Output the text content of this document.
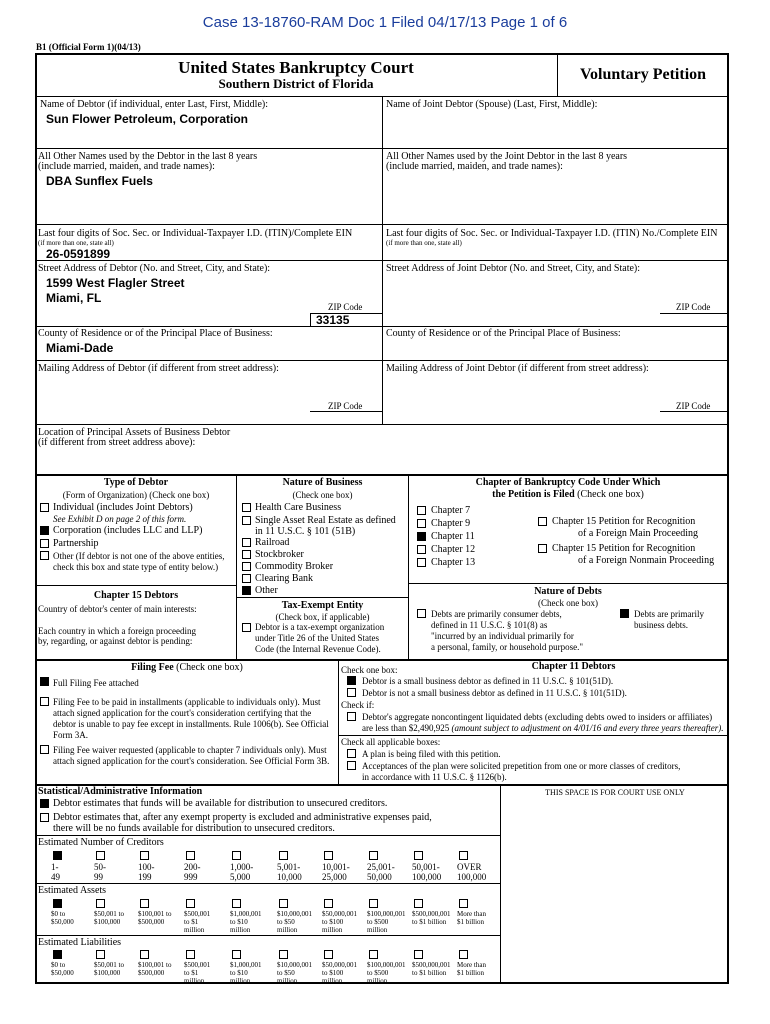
Case 13-18760-RAM Doc 1 Filed 04/17/13 Page 1 of 6
B1 (Official Form 1)(04/13)
United States Bankruptcy Court
Southern District of Florida
Voluntary Petition
Name of Debtor (if individual, enter Last, First, Middle):
Sun Flower Petroleum, Corporation
Name of Joint Debtor (Spouse) (Last, First, Middle):
All Other Names used by the Debtor in the last 8 years
(include married, maiden, and trade names):
DBA Sunflex Fuels
All Other Names used by the Joint Debtor in the last 8 years
(include married, maiden, and trade names):
Last four digits of Soc. Sec. or Individual-Taxpayer I.D. (ITIN)/Complete EIN
(if more than one, state all)
26-0591899
Last four digits of Soc. Sec. or Individual-Taxpayer I.D. (ITIN) No./Complete EIN
(if more than one, state all)
Street Address of Debtor (No. and Street, City, and State):
1599 West Flagler Street
Miami, FL
ZIP Code
33135
Street Address of Joint Debtor (No. and Street, City, and State):
ZIP Code
County of Residence or of the Principal Place of Business:
Miami-Dade
County of Residence or of the Principal Place of Business:
Mailing Address of Debtor (if different from street address):
ZIP Code
Mailing Address of Joint Debtor (if different from street address):
ZIP Code
Location of Principal Assets of Business Debtor
(if different from street address above):
Type of Debtor
(Form of Organization) (Check one box)
Individual (includes Joint Debtors)
See Exhibit D on page 2 of this form.
Corporation (includes LLC and LLP)
Partnership
Other (If debtor is not one of the above entities,
check this box and state type of entity below.)
Chapter 15 Debtors
Country of debtor's center of main interests:
Each country in which a foreign proceeding
by, regarding, or against debtor is pending:
Nature of Business
(Check one box)
Health Care Business
Single Asset Real Estate as defined
in 11 U.S.C. § 101 (51B)
Railroad
Stockbroker
Commodity Broker
Clearing Bank
Other
Tax-Exempt Entity
(Check box, if applicable)
Debtor is a tax-exempt organization
under Title 26 of the United States
Code (the Internal Revenue Code).
Chapter of Bankruptcy Code Under Which
the Petition is Filed (Check one box)
Chapter 7
Chapter 9
Chapter 11
Chapter 12
Chapter 13
Chapter 15 Petition for Recognition
of a Foreign Main Proceeding
Chapter 15 Petition for Recognition
of a Foreign Nonmain Proceeding
Nature of Debts
(Check one box)
Debts are primarily consumer debts,
defined in 11 U.S.C. § 101(8) as
"incurred by an individual primarily for
a personal, family, or household purpose."
Debts are primarily
business debts.
Filing Fee (Check one box)
Full Filing Fee attached
Filing Fee to be paid in installments (applicable to individuals only). Must
attach signed application for the court's consideration certifying that the
debtor is unable to pay fee except in installments. Rule 1006(b). See Official
Form 3A.
Filing Fee waiver requested (applicable to chapter 7 individuals only). Must
attach signed application for the court's consideration. See Official Form 3B.
Check one box:	Chapter 11 Debtors
Debtor is a small business debtor as defined in 11 U.S.C. § 101(51D).
Debtor is not a small business debtor as defined in 11 U.S.C. § 101(51D).
Check if:
Debtor's aggregate noncontingent liquidated debts (excluding debts owed to insiders or affiliates)
are less than $2,490,925 (amount subject to adjustment on 4/01/16 and every three years thereafter).
Check all applicable boxes:
A plan is being filed with this petition.
Acceptances of the plan were solicited prepetition from one or more classes of creditors,
in accordance with 11 U.S.C. § 1126(b).
Statistical/Administrative Information	THIS SPACE IS FOR COURT USE ONLY
Debtor estimates that funds will be available for distribution to unsecured creditors.
Debtor estimates that, after any exempt property is excluded and administrative expenses paid,
there will be no funds available for distribution to unsecured creditors.
Estimated Number of Creditors
1-
49
50-
99
100-
199
200-
999
1,000-
5,000
5,001-
10,000
10,001-
25,000
25,001-
50,000
50,001-
100,000
OVER
100,000
Estimated Assets
$0 to
$50,000
$50,001 to
$100,000
$100,001 to
$500,000
$500,001
to $1
million
$1,000,001
to $10
million
$10,000,001
to $50
million
$50,000,001
to $100
million
$100,000,001
to $500
million
$500,000,001
to $1 billion
More than
$1 billion
Estimated Liabilities
$0 to
$50,000
$50,001 to
$100,000
$100,001 to
$500,000
$500,001
to $1
million
$1,000,001
to $10
million
$10,000,001
to $50
million
$50,000,001
to $100
million
$100,000,001
to $500
million
$500,000,001
to $1 billion
More than
$1 billion
